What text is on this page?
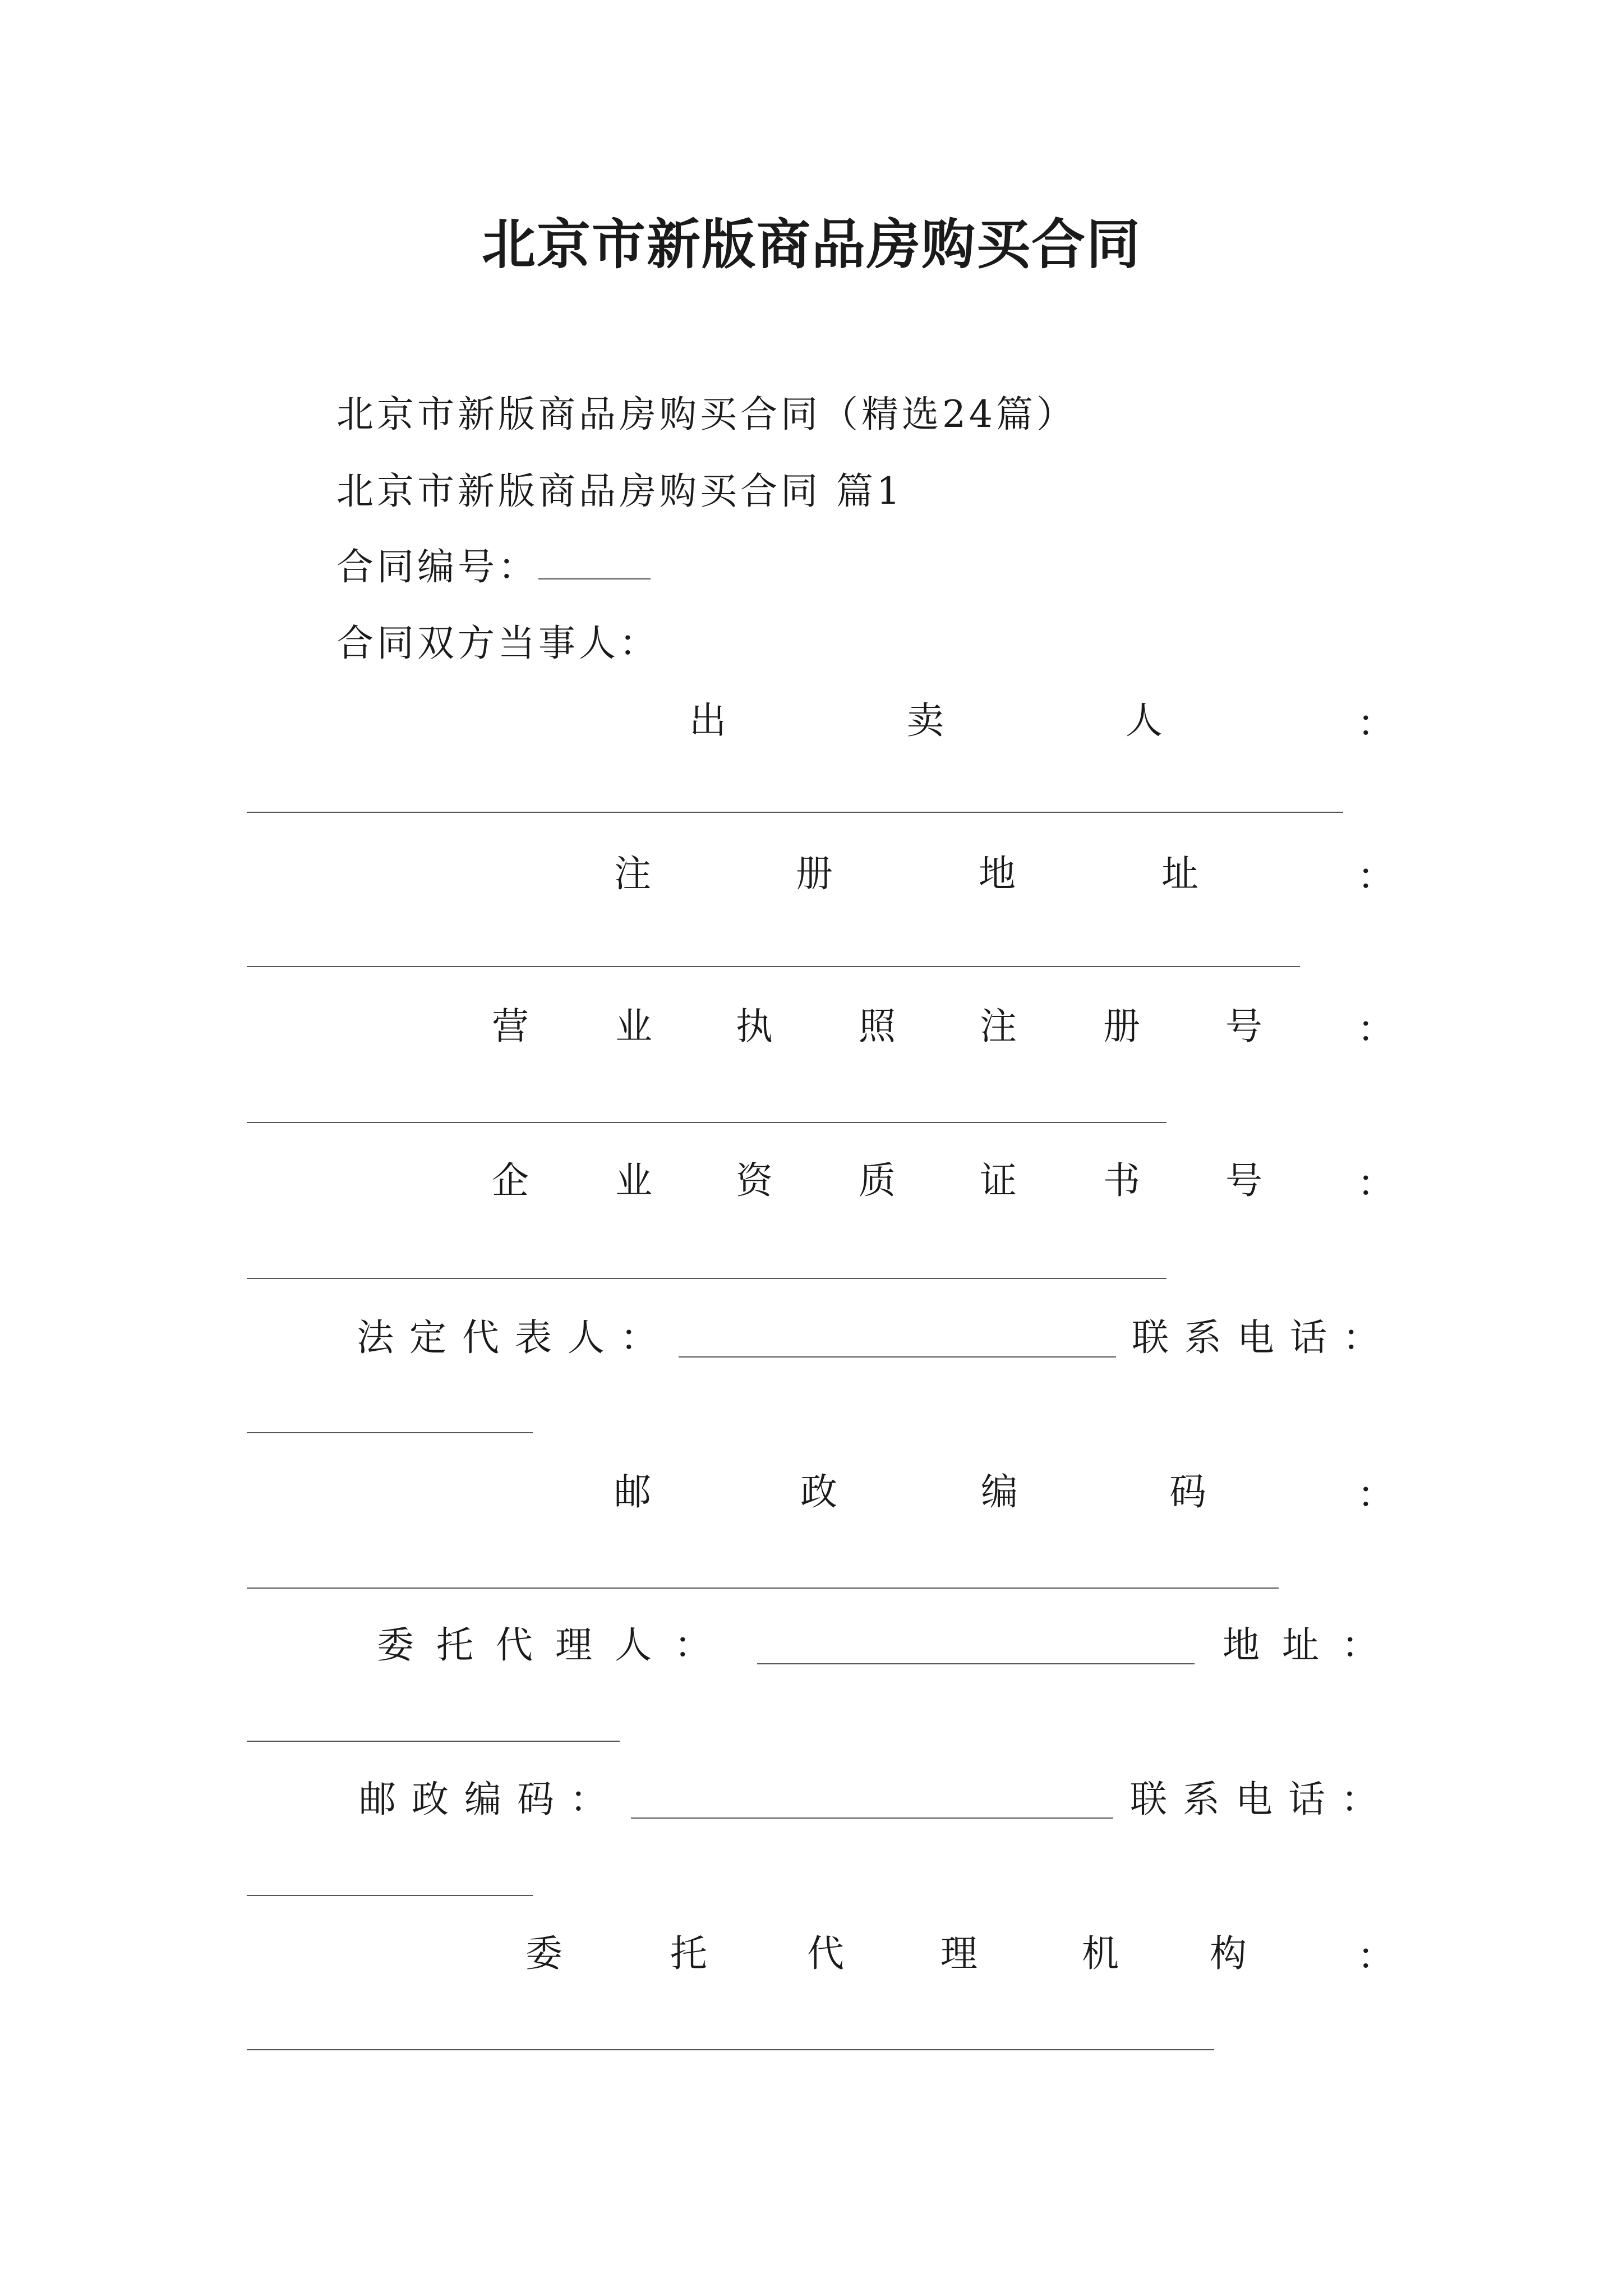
北京市新版商品房购买合同
北京市新版商品房购买合同（精选24篇）
北京市新版商品房购买合同 篇1
合同编号：
合同双方当事人：
出	卖	人	：
注	册	地	址	：
营 业 执 照 注 册 号	：
企 业 资 质 证 书 号	：
法定代表人：	联系电话：
邮	政	编	码	：
委托代理人：	地址：
邮政编码：	联系电话：
委	托	代	理	机 构	：
